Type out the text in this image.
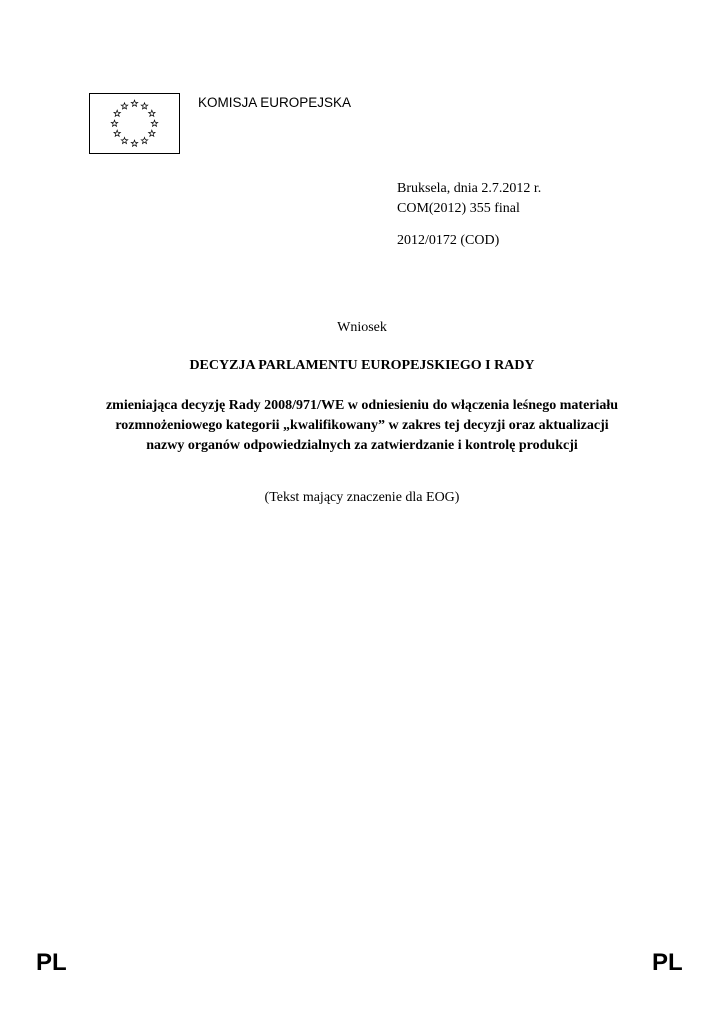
KOMISJA EUROPEJSKA
Bruksela, dnia 2.7.2012 r.
COM(2012) 355 final
2012/0172 (COD)
Wniosek
DECYZJA PARLAMENTU EUROPEJSKIEGO I RADY
zmieniająca decyzję Rady 2008/971/WE w odniesieniu do włączenia leśnego materiału
rozmnożeniowego kategorii „kwalifikowany” w zakres tej decyzji oraz aktualizacji
nazwy organów odpowiedzialnych za zatwierdzanie i kontrolę produkcji
(Tekst mający znaczenie dla EOG)
PL	PL
